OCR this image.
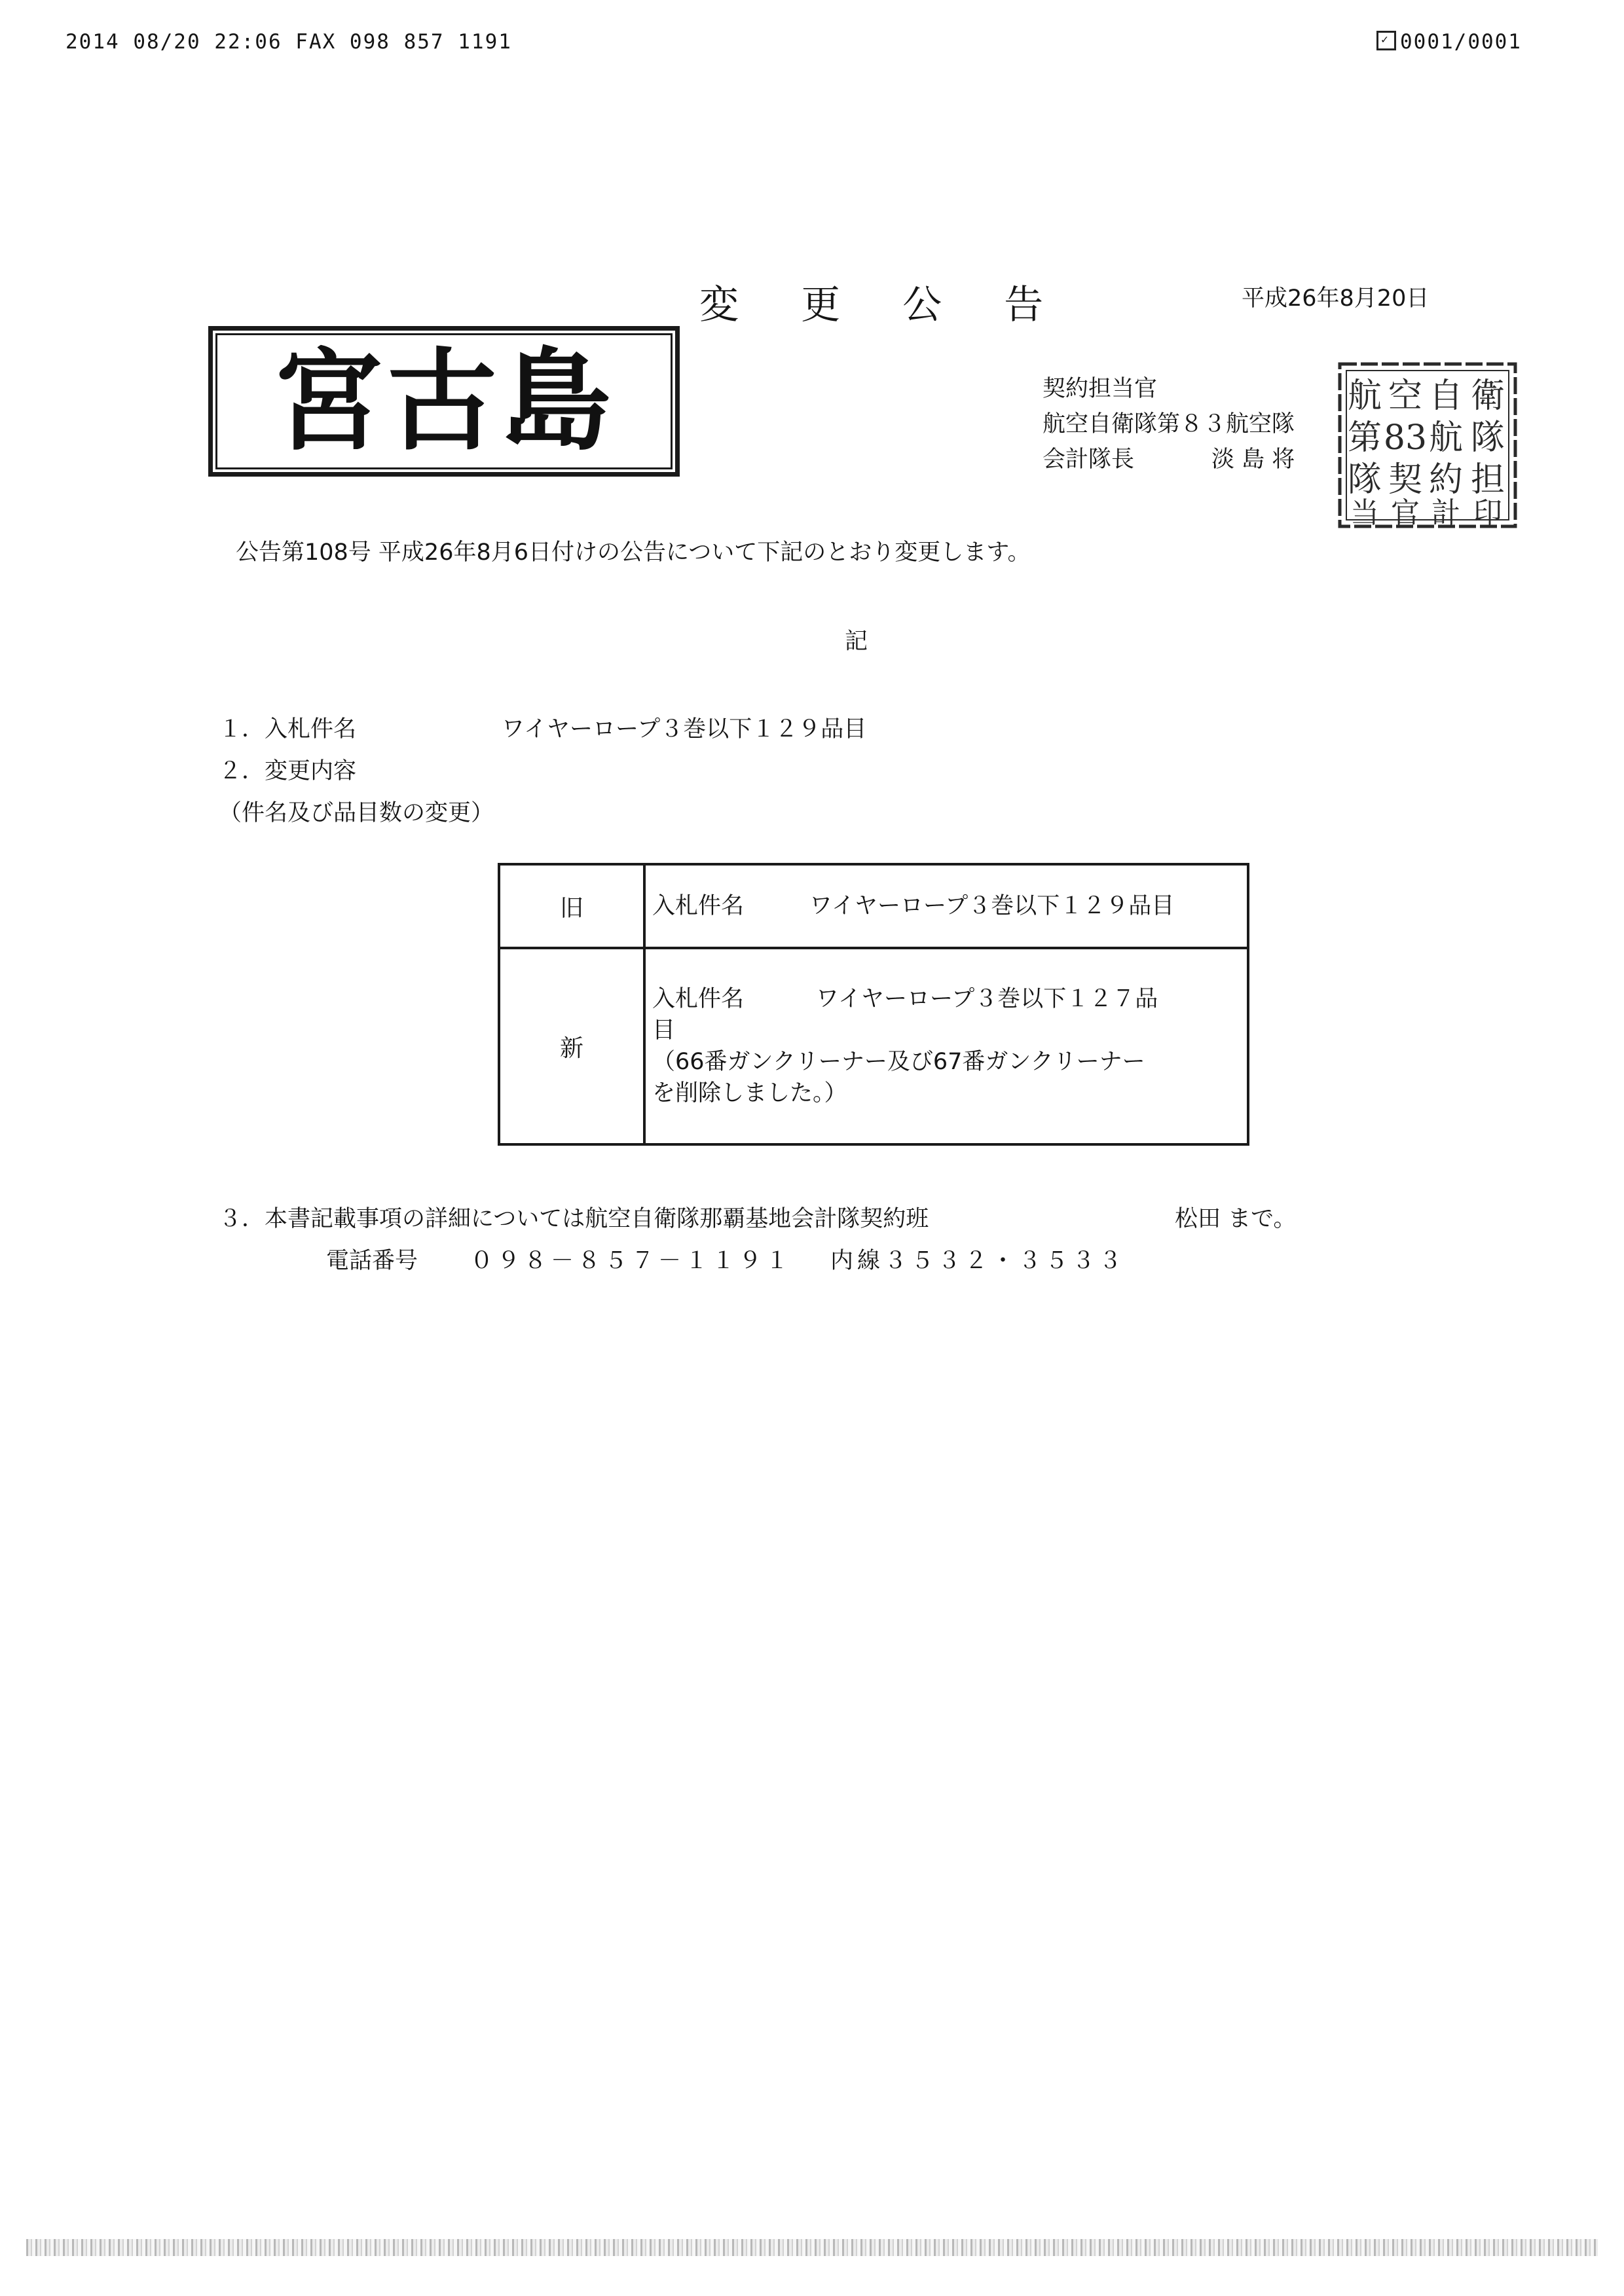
2014 08/20 22:06 FAX 098 857 1191	✓ 0001/0001
変 更 公 告	平成26年8月20日
宮古島	契約担当官
航空自衛隊第８３航空隊
会計隊長	淡 島 将
航 空 自 衛
第 83 航 隊
隊 契 約 担
当 官 計 印
公告第108号 平成26年8月6日付けの公告について下記のとおり変更します。
記
１．入札件名	ワイヤーロープ３巻以下１２９品目
２．変更内容
（件名及び品目数の変更）
旧	入札件名 ワイヤーロープ３巻以下１２９品目
新	入札件名 ワイヤーロープ３巻以下１２７品
目
（66番ガンクリーナー及び67番ガンクリーナー
を削除しました。）
３．本書記載事項の詳細については航空自衛隊那覇基地会計隊契約班	松田 まで。
電話番号 ０９８－８５７－１１９１ 内線３５３２・３５３３
